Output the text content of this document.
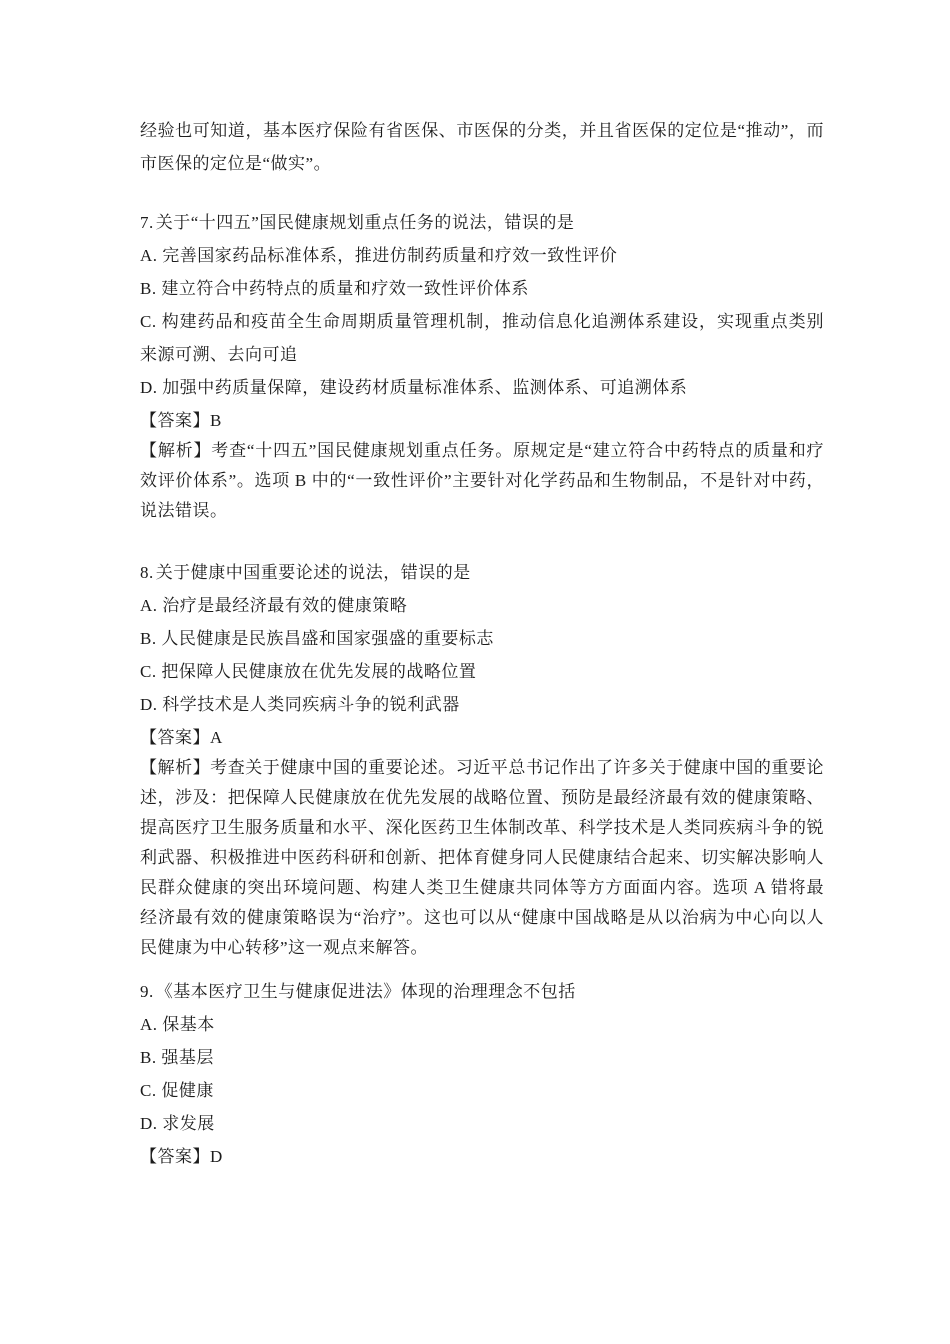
经验也可知道，基本医疗保险有省医保、市医保的分类，并且省医保的定位是“推动”，而市医保的定位是“做实”。

7. 关于“十四五”国民健康规划重点任务的说法，错误的是

A. 完善国家药品标准体系，推进仿制药质量和疗效一致性评价

B. 建立符合中药特点的质量和疗效一致性评价体系

C. 构建药品和疫苗全生命周期质量管理机制，推动信息化追溯体系建设，实现重点类别来源可溯、去向可追

D. 加强中药质量保障，建设药材质量标准体系、监测体系、可追溯体系

【答案】B

【解析】考查“十四五”国民健康规划重点任务。原规定是“建立符合中药特点的质量和疗效评价体系”。选项 B 中的“一致性评价”主要针对化学药品和生物制品，不是针对中药，说法错误。

8. 关于健康中国重要论述的说法，错误的是

A. 治疗是最经济最有效的健康策略

B. 人民健康是民族昌盛和国家强盛的重要标志

C. 把保障人民健康放在优先发展的战略位置

D. 科学技术是人类同疾病斗争的锐利武器

【答案】A

【解析】考查关于健康中国的重要论述。习近平总书记作出了许多关于健康中国的重要论述，涉及：把保障人民健康放在优先发展的战略位置、预防是最经济最有效的健康策略、提高医疗卫生服务质量和水平、深化医药卫生体制改革、科学技术是人类同疾病斗争的锐利武器、积极推进中医药科研和创新、把体育健身同人民健康结合起来、切实解决影响人民群众健康的突出环境问题、构建人类卫生健康共同体等方方面面内容。选项 A 错将最经济最有效的健康策略误为“治疗”。这也可以从“健康中国战略是从以治病为中心向以人民健康为中心转移”这一观点来解答。

9. 《基本医疗卫生与健康促进法》体现的治理理念不包括

A. 保基本

B. 强基层

C. 促健康

D. 求发展

【答案】D
